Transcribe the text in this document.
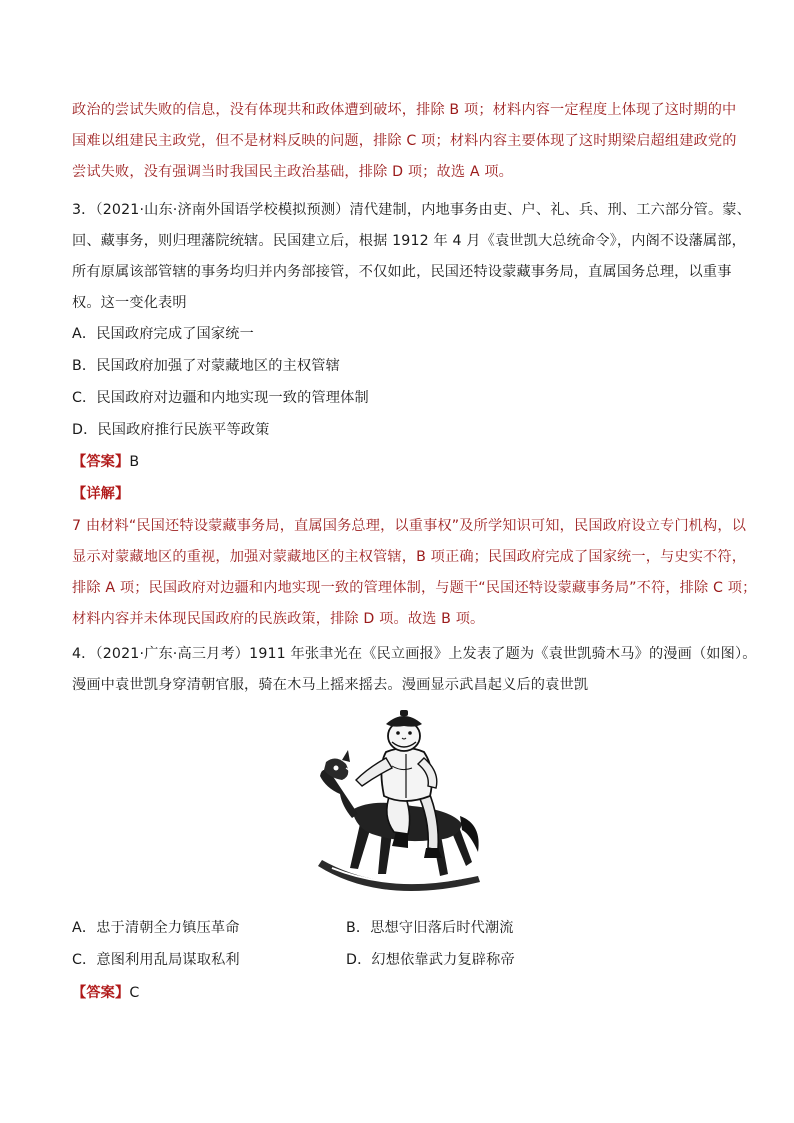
政治的尝试失败的信息，没有体现共和政体遭到破坏，排除 B 项；材料内容一定程度上体现了这时期的中
国难以组建民主政党，但不是材料反映的问题，排除 C 项；材料内容主要体现了这时期梁启超组建政党的
尝试失败，没有强调当时我国民主政治基础，排除 D 项；故选 A 项。
3．（2021·山东·济南外国语学校模拟预测）清代建制，内地事务由吏、户、礼、兵、刑、工六部分管。蒙、
回、藏事务，则归理藩院统辖。民国建立后，根据 1912 年 4 月《袁世凯大总统命令》，内阁不设藩属部，
所有原属该部管辖的事务均归并内务部接管，不仅如此，民国还特设蒙藏事务局，直属国务总理，以重事
权。这一变化表明
A．民国政府完成了国家统一
B．民国政府加强了对蒙藏地区的主权管辖
C．民国政府对边疆和内地实现一致的管理体制
D．民国政府推行民族平等政策
【答案】B
【详解】
7 由材料“民国还特设蒙藏事务局，直属国务总理，以重事权”及所学知识可知，民国政府设立专门机构，以
显示对蒙藏地区的重视，加强对蒙藏地区的主权管辖，B 项正确；民国政府完成了国家统一，与史实不符，
排除 A 项；民国政府对边疆和内地实现一致的管理体制，与题干“民国还特设蒙藏事务局”不符，排除 C 项；
材料内容并未体现民国政府的民族政策，排除 D 项。故选 B 项。
4．（2021·广东·高三月考）1911 年张聿光在《民立画报》上发表了题为《袁世凯骑木马》的漫画（如图）。
漫画中袁世凯身穿清朝官服，骑在木马上摇来摇去。漫画显示武昌起义后的袁世凯
A．忠于清朝全力镇压革命	B．思想守旧落后时代潮流
C．意图利用乱局谋取私利	D．幻想依靠武力复辟称帝
【答案】C
